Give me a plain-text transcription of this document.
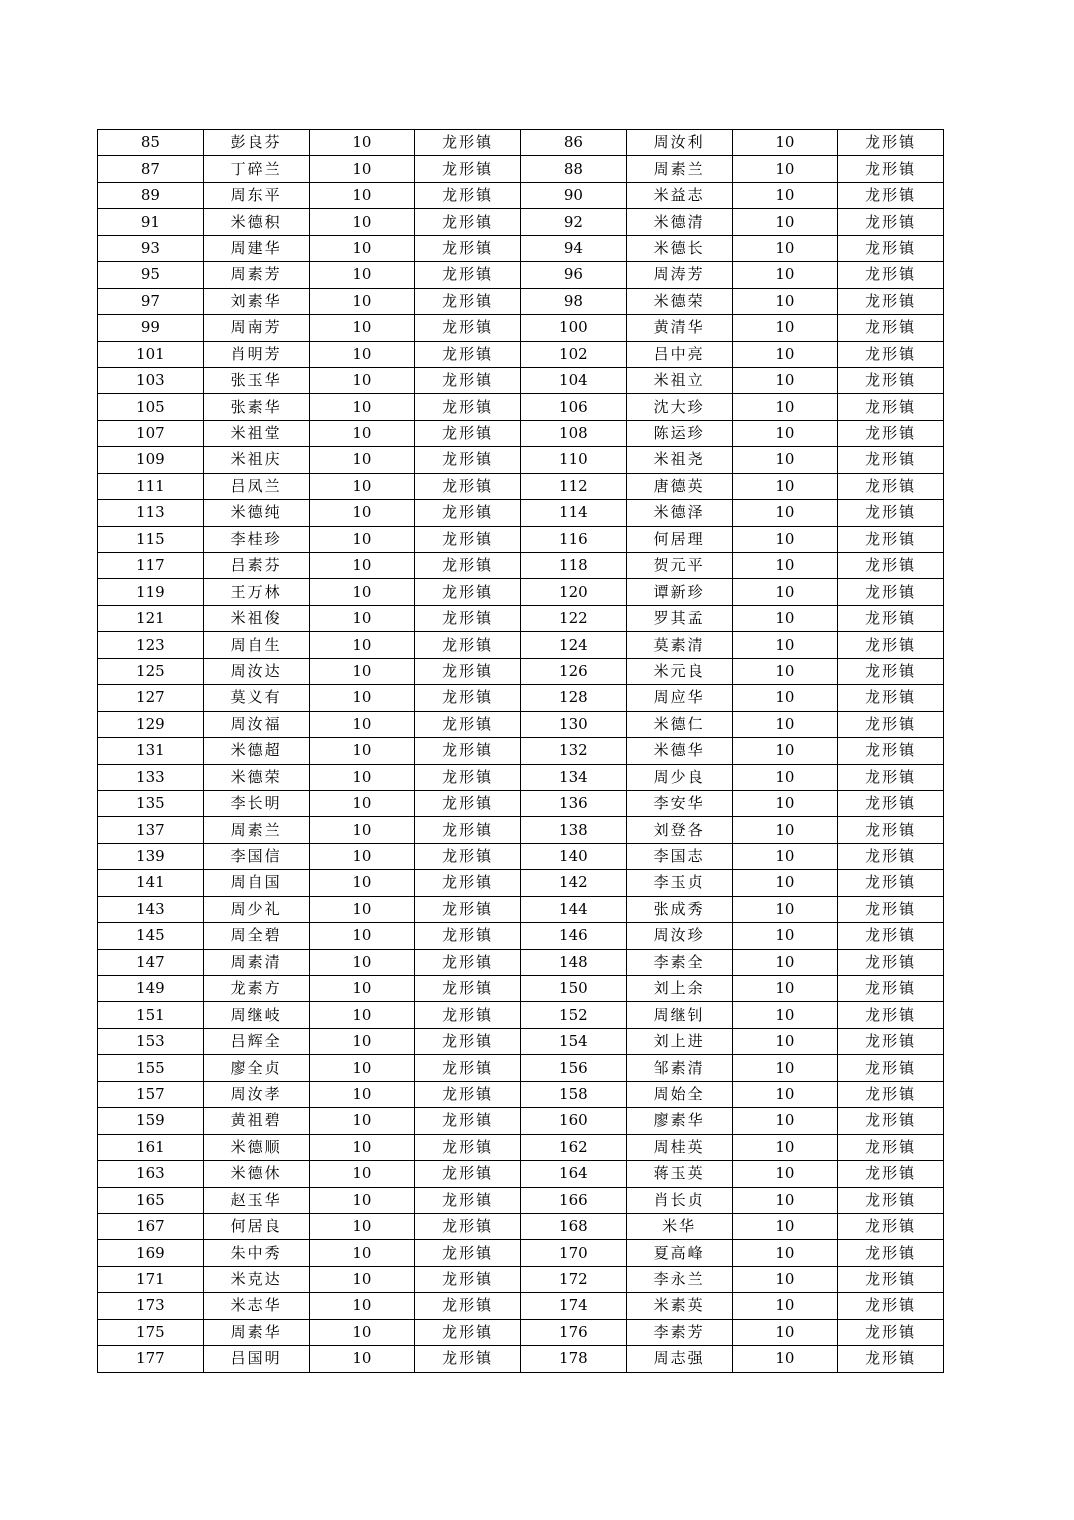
85	彭良芬	10	龙形镇	86	周汝利	10	龙形镇
87	丁碎兰	10	龙形镇	88	周素兰	10	龙形镇
89	周东平	10	龙形镇	90	米益志	10	龙形镇
91	米德积	10	龙形镇	92	米德清	10	龙形镇
93	周建华	10	龙形镇	94	米德长	10	龙形镇
95	周素芳	10	龙形镇	96	周涛芳	10	龙形镇
97	刘素华	10	龙形镇	98	米德荣	10	龙形镇
99	周南芳	10	龙形镇	100	黄清华	10	龙形镇
101	肖明芳	10	龙形镇	102	吕中亮	10	龙形镇
103	张玉华	10	龙形镇	104	米祖立	10	龙形镇
105	张素华	10	龙形镇	106	沈大珍	10	龙形镇
107	米祖堂	10	龙形镇	108	陈运珍	10	龙形镇
109	米祖庆	10	龙形镇	110	米祖尧	10	龙形镇
111	吕凤兰	10	龙形镇	112	唐德英	10	龙形镇
113	米德纯	10	龙形镇	114	米德泽	10	龙形镇
115	李桂珍	10	龙形镇	116	何居理	10	龙形镇
117	吕素芬	10	龙形镇	118	贺元平	10	龙形镇
119	王万林	10	龙形镇	120	谭新珍	10	龙形镇
121	米祖俊	10	龙形镇	122	罗其孟	10	龙形镇
123	周自生	10	龙形镇	124	莫素清	10	龙形镇
125	周汝达	10	龙形镇	126	米元良	10	龙形镇
127	莫义有	10	龙形镇	128	周应华	10	龙形镇
129	周汝福	10	龙形镇	130	米德仁	10	龙形镇
131	米德超	10	龙形镇	132	米德华	10	龙形镇
133	米德荣	10	龙形镇	134	周少良	10	龙形镇
135	李长明	10	龙形镇	136	李安华	10	龙形镇
137	周素兰	10	龙形镇	138	刘登各	10	龙形镇
139	李国信	10	龙形镇	140	李国志	10	龙形镇
141	周自国	10	龙形镇	142	李玉贞	10	龙形镇
143	周少礼	10	龙形镇	144	张成秀	10	龙形镇
145	周全碧	10	龙形镇	146	周汝珍	10	龙形镇
147	周素清	10	龙形镇	148	李素全	10	龙形镇
149	龙素方	10	龙形镇	150	刘上余	10	龙形镇
151	周继岐	10	龙形镇	152	周继钊	10	龙形镇
153	吕辉全	10	龙形镇	154	刘上进	10	龙形镇
155	廖全贞	10	龙形镇	156	邹素清	10	龙形镇
157	周汝孝	10	龙形镇	158	周始全	10	龙形镇
159	黄祖碧	10	龙形镇	160	廖素华	10	龙形镇
161	米德顺	10	龙形镇	162	周桂英	10	龙形镇
163	米德休	10	龙形镇	164	蒋玉英	10	龙形镇
165	赵玉华	10	龙形镇	166	肖长贞	10	龙形镇
167	何居良	10	龙形镇	168	米华	10	龙形镇
169	朱中秀	10	龙形镇	170	夏高峰	10	龙形镇
171	米克达	10	龙形镇	172	李永兰	10	龙形镇
173	米志华	10	龙形镇	174	米素英	10	龙形镇
175	周素华	10	龙形镇	176	李素芳	10	龙形镇
177	吕国明	10	龙形镇	178	周志强	10	龙形镇
